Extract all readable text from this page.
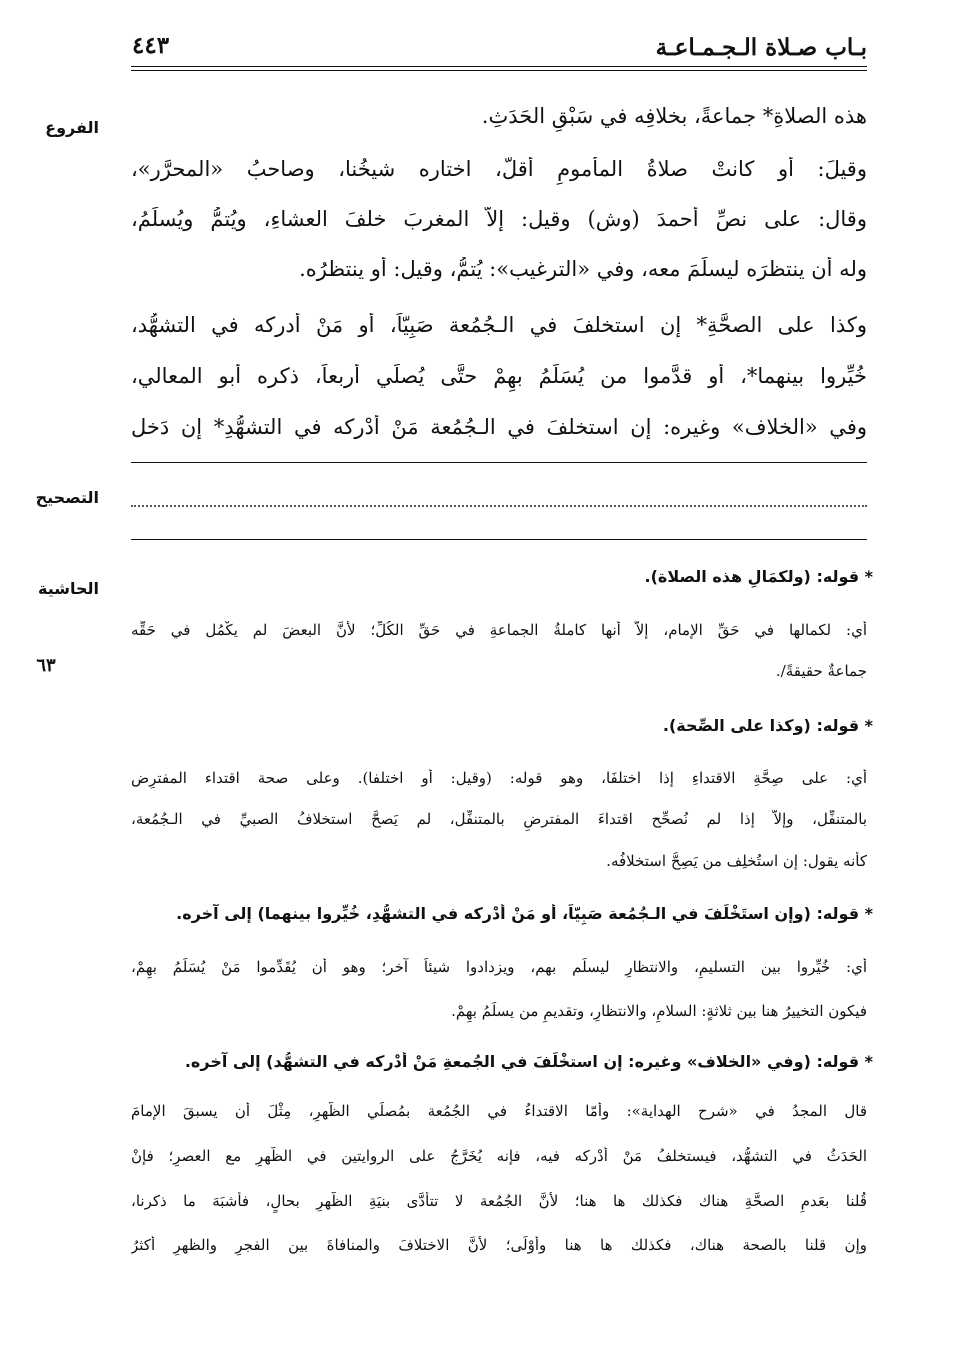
بـاب صـلاة الـجـمـاعـة
٤٤٣
الفروع
التصحيح
الحاشية
٦٣
هذه الصلاةِ* جماعةً، بخلافِه في سَبْقِ الحَدَثِ.
وقيلَ: أو كانتْ صلاةُ المأمومِ أقلَّ، اختاره شيخُنا، وصاحبُ «المحرَّر»،
وقال: على نصِّ أحمدَ (وش) وقيل: إلاّ المغربَ خلفَ العشاءِ، ويُتمُّ ويُسلِّمُ،
وله أن ينتظرَه ليسلِّمَ معه، وفي «الترغيب»: يُتمُّ، وقيل: أو ينتظرُه.
وكذا على الصحَّةِ* إن استخلفَ في الـجُمُعة صَبِيّاً، أو مَنْ أدركه في التشهُّد،
خُيِّروا بينهما*، أو قدَّموا من يُسَلِّمُ بهِمْ حتَّى يُصلِّي أربعاً، ذكره أبو المعالي،
وفي «الخلاف» وغيره: إن استخلفَ في الـجُمُعة مَنْ أدْركه في التشهُّدِ* إن دَخل
* قوله: (ولكمَالِ هذه الصلاة).
أي: لكمالها في حَقِّ الإمام، إلاّ أنها كاملةُ الجماعةِ في حَقِّ الكُلِّ؛ لأنَّ البعضَ لم يكْمُل في حَقِّه
جماعةٌ حقيقةً/.
* قوله: (وكذا على الصِّحة).
أي: على صِحَّةِ الاقتداءِ إذا اختلفَا، وهو قوله: (وقيل: أو اختلفا). وعلى صحة اقتداء المفترِض
بالمتنفِّل، وإلاّ إذا لم نُصحِّح اقتداءَ المفترضِ بالمتنفِّل، لم يَصحَّ استخلافُ الصبيِّ في الـجُمُعة،
كأنه يقول: إن استُخلِف من يَصِحُّ استخلافُه.
* قوله: (وإن استَخْلَفَ في الـجُمُعة صَبِيّاً، أو مَنْ أدْركه في التشهُّدِ، خُيِّروا بينهما) إلى آخره.
أي: خُيِّروا بين التسليمِ، والانتظارِ ليسلِّم بهم، ويزدادوا شيئاً آخر؛ وهو أن يُقَدِّموا مَنْ يُسَلِّمُ بهِمْ،
فيكون التخييرُ هنا بين ثلاثةٍ: السلامِ، والانتظارِ، وتقديمِ من يسلِّمُ بهِمْ.
* قوله: (وفي «الخلاف» وغيره: إن استخْلَفَ في الجُمعةِ مَنْ أدْركه في التشهُّد) إلى آخره.
قال المجدُ في «شرح الهداية»: وأمّا الاقتداءُ في الجُمُعة بمُصلِّي الظُّهرِ، مِثْلَ أن يسبقَ الإمامَ
الحَدَثُ في التشهُّد، فيستخلفُ مَنْ أدْركه فيه، فإنه يُخَرَّجُ على الروايتين في الظُّهرِ مع العصرِ؛ فإنْ
قُلنا بعَدمِ الصحَّةِ هناك فكذلك ها هنا؛ لأنَّ الجُمُعة لا تتأدَّى بنيَةِ الظُّهرِ بحالٍ، فأشبَهَ ما ذكرنا،
وإن قلنا بالصحة هناك، فكذلك ها هنا وأوْلَى؛ لأنَّ الاختلافَ والمنافاةَ بين الفجرِ والظهرِ أكثرُ
